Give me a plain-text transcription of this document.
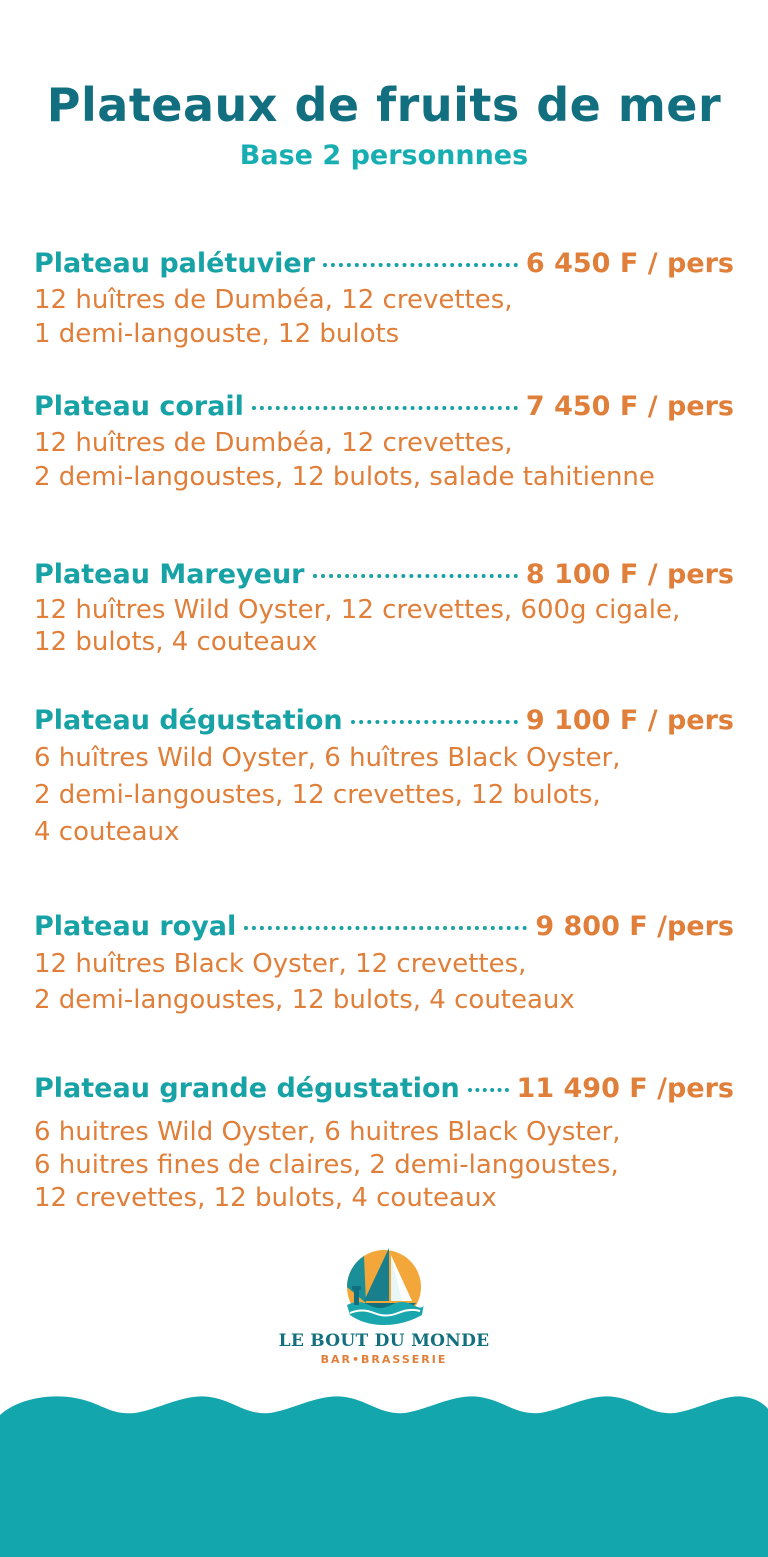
Plateaux de fruits de mer
Base 2 personnnes
Plateau palétuvier	6 450 F / pers
12 huîtres de Dumbéa, 12 crevettes,
1 demi-langouste, 12 bulots
Plateau corail	7 450 F / pers
12 huîtres de Dumbéa, 12 crevettes,
2 demi-langoustes, 12 bulots, salade tahitienne
Plateau Mareyeur	8 100 F / pers
12 huîtres Wild Oyster, 12 crevettes, 600g cigale,
12 bulots, 4 couteaux
Plateau dégustation	9 100 F / pers
6 huîtres Wild Oyster, 6 huîtres Black Oyster,
2 demi-langoustes, 12 crevettes, 12 bulots,
4 couteaux
Plateau royal	9 800 F /pers
12 huîtres Black Oyster, 12 crevettes,
2 demi-langoustes, 12 bulots, 4 couteaux
Plateau grande dégustation 11 490 F /pers
6 huitres Wild Oyster, 6 huitres Black Oyster,
6 huitres fines de claires, 2 demi-langoustes,
12 crevettes, 12 bulots, 4 couteaux
LE BOUT DU MONDE
BAR•BRASSERIE
